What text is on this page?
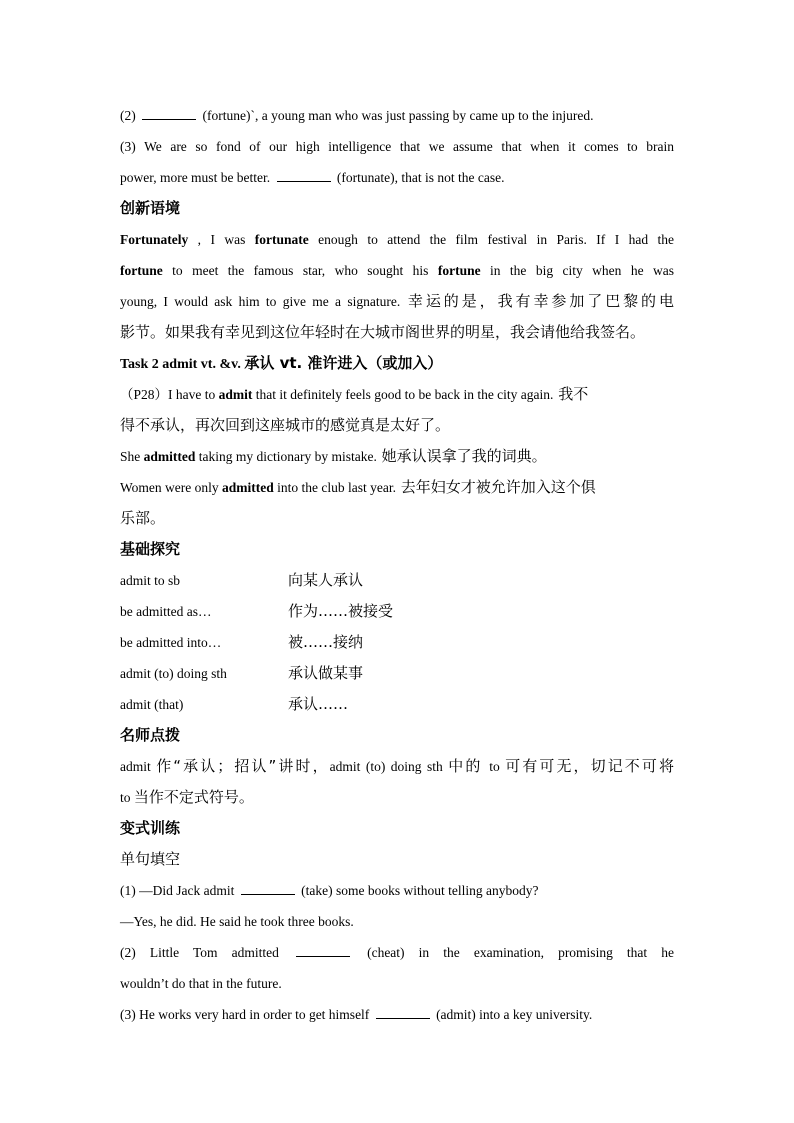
(2)	(fortune)`, a young man who was just passing by came up to the injured.
(3) We are so fond of our high intelligence that we assume that when it comes to brain
power, more must be better.	(fortunate), that is not the case.
创新语境
Fortunately , I was fortunate enough to attend the film festival in Paris. If I had the
fortune to meet the famous star, who sought his fortune in the big city when he was
young, I would ask him to give me a signature. 幸运的是，我有幸参加了巴黎的电
影节。如果我有幸见到这位年轻时在大城市阁世界的明星，我会请他给我签名。
Task 2 admit vt. &v. 承认 vt. 准许进入（或加入）
（P28）I have to admit that it definitely feels good to be back in the city again. 我不
得不承认，再次回到这座城市的感觉真是太好了。
She admitted taking my dictionary by mistake. 她承认误拿了我的词典。
Women were only admitted into the club last year. 去年妇女才被允许加入这个俱
乐部。
基础探究
admit to sb	向某人承认
be admitted as…	作为……被接受
be admitted into…	被……接纳
admit (to) doing sth	承认做某事
admit (that)	承认……
名师点拨
admit 作“承认；招认”讲时，admit (to) doing sth 中的 to 可有可无，切记不可将
to 当作不定式符号。
变式训练
单句填空
(1) —Did Jack admit	(take) some books without telling anybody?
—Yes, he did. He said he took three books.
(2) Little Tom admitted	(cheat) in the examination, promising that he
wouldn’t do that in the future.
(3) He works very hard in order to get himself	(admit) into a key university.
